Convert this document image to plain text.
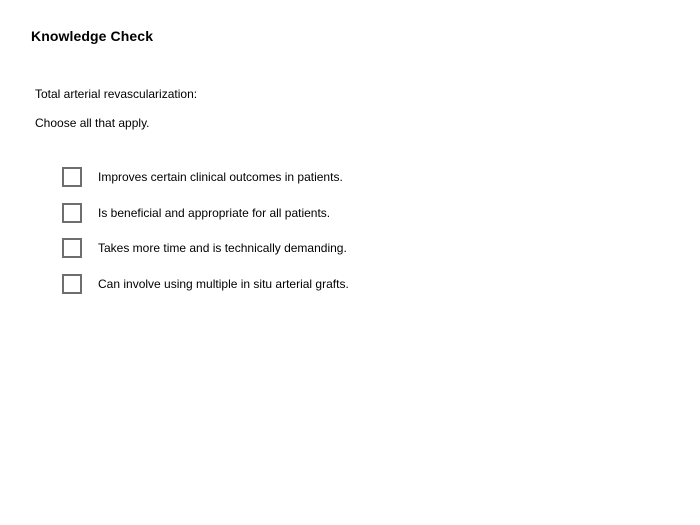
Knowledge Check

Total arterial revascularization:

Choose all that apply.

Improves certain clinical outcomes in patients.
Is beneficial and appropriate for all patients.
Takes more time and is technically demanding.
Can involve using multiple in situ arterial grafts.
